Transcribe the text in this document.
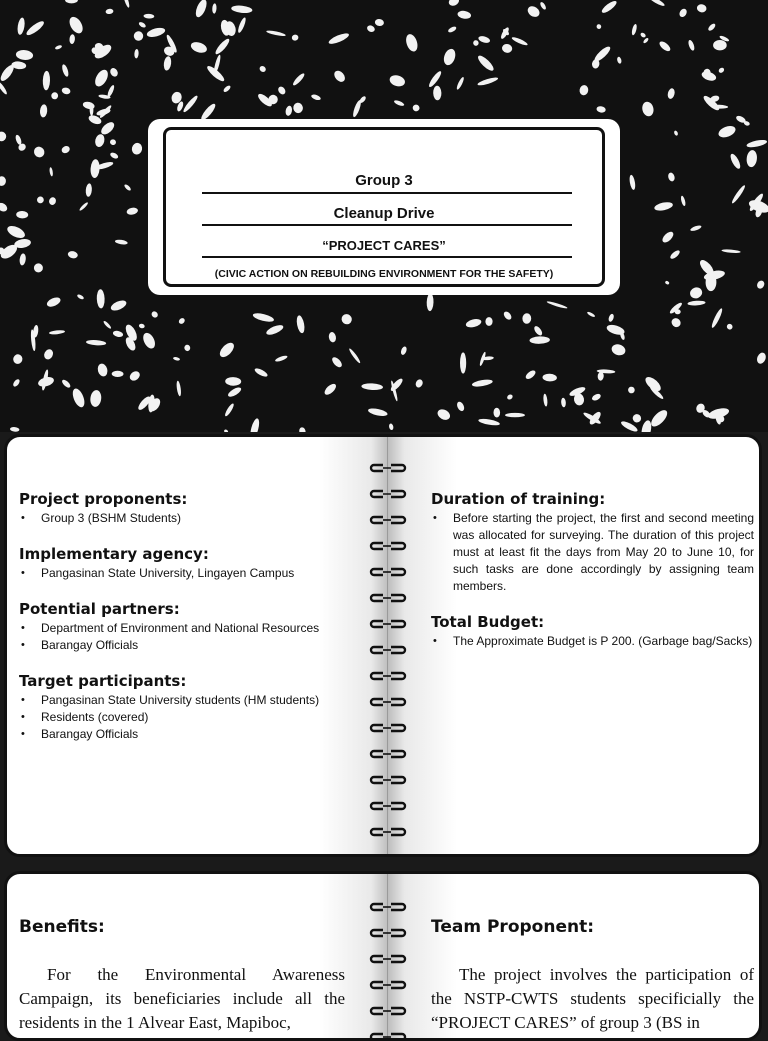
Group 3
Cleanup Drive
“PROJECT CARES”
(CIVIC ACTION ON REBUILDING ENVIRONMENT FOR THE SAFETY)
Project proponents:
• Group 3 (BSHM Students)
Implementary agency:
• Pangasinan State University, Lingayen Campus
Potential partners:
• Department of Environment and National Resources
• Barangay Officials
Target participants:
• Pangasinan State University students (HM students)
• Residents (covered)
• Barangay Officials
Duration of training:
• Before starting the project, the first and second meeting was allocated for surveying. The duration of this project must at least fit the days from May 20 to June 10, for such tasks are done accordingly by assigning team members.
Total Budget:
• The Approximate Budget is P 200. (Garbage bag/Sacks)
Benefits:

For the Environmental Awareness Campaign, its beneficiaries include all the residents in the 1 Alvear East, Mapiboc,

Team Proponent:

The project involves the participation of the NSTP-CWTS students specificially the “PROJECT CARES” of group 3 (BS in
